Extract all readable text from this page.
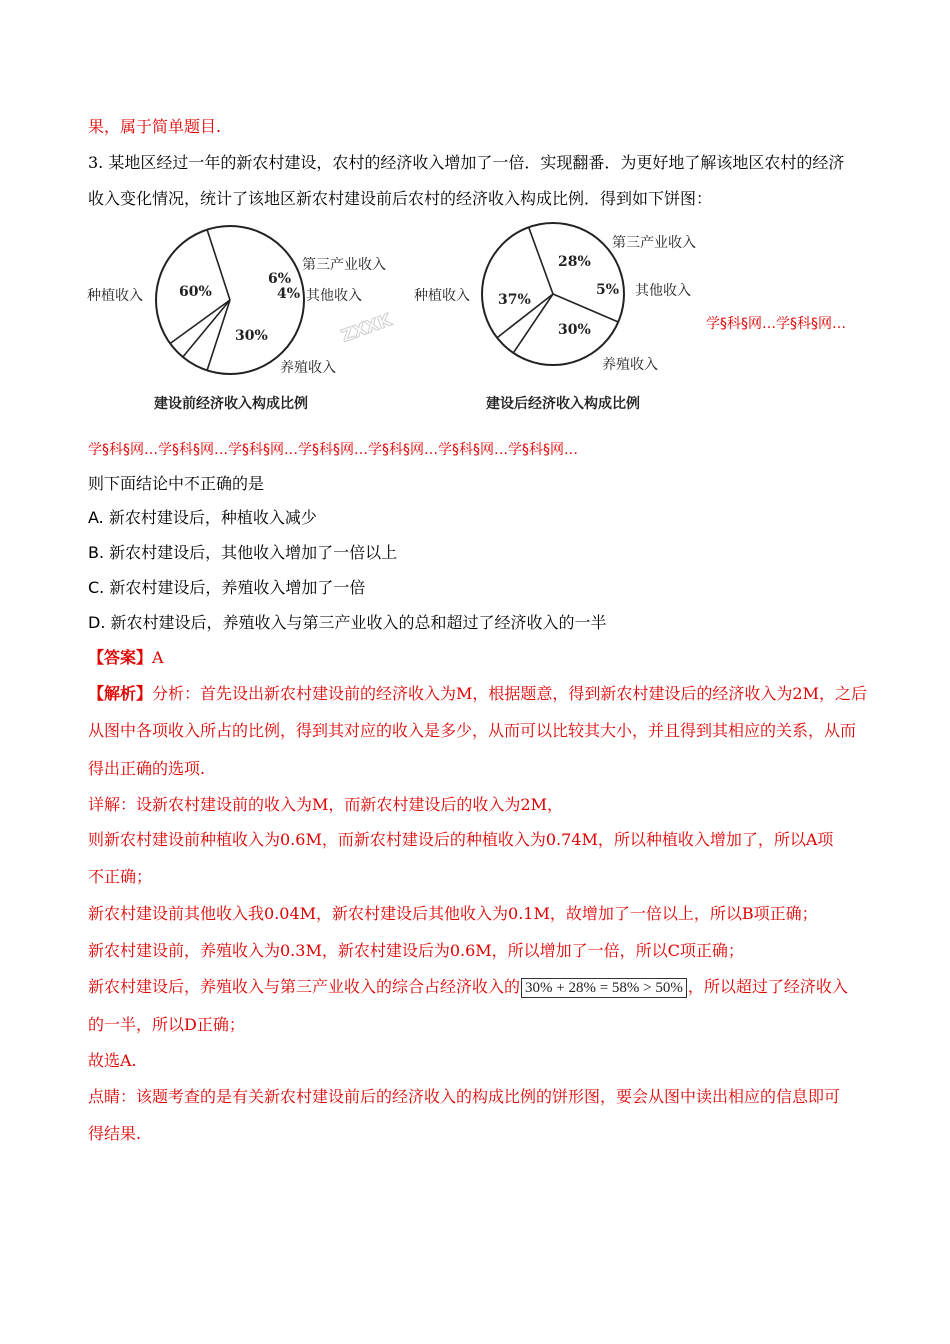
果，属于简单题目.
3. 某地区经过一年的新农村建设，农村的经济收入增加了一倍．实现翻番．为更好地了解该地区农村的经济
收入变化情况，统计了该地区新农村建设前后农村的经济收入构成比例．得到如下饼图：
种植收入
养殖收入
其他收入
第三产业收入
60%
30%
4%
6%
种植收入
第三产业收入
其他收入
养殖收入
37%
28%
5%
30%
建设前经济收入构成比例	建设后经济收入构成比例
ZXXK	学§科§网…学§科§网…
学§科§网…学§科§网…学§科§网…学§科§网…学§科§网…学§科§网…学§科§网…
则下面结论中不正确的是
A. 新农村建设后，种植收入减少
B. 新农村建设后，其他收入增加了一倍以上
C. 新农村建设后，养殖收入增加了一倍
D. 新农村建设后，养殖收入与第三产业收入的总和超过了经济收入的一半
【答案】A
【解析】分析：首先设出新农村建设前的经济收入为M，根据题意，得到新农村建设后的经济收入为2M，之后
从图中各项收入所占的比例，得到其对应的收入是多少，从而可以比较其大小，并且得到其相应的关系，从而
得出正确的选项.
详解：设新农村建设前的收入为M，而新农村建设后的收入为2M，
则新农村建设前种植收入为0.6M，而新农村建设后的种植收入为0.74M，所以种植收入增加了，所以A项
不正确；
新农村建设前其他收入我0.04M，新农村建设后其他收入为0.1M，故增加了一倍以上，所以B项正确；
新农村建设前，养殖收入为0.3M，新农村建设后为0.6M，所以增加了一倍，所以C项正确；
新农村建设后，养殖收入与第三产业收入的综合占经济收入的 30% + 28% = 58% > 50% ，所以超过了经济收入
的一半，所以D正确；
故选A.
点睛：该题考查的是有关新农村建设前后的经济收入的构成比例的饼形图，要会从图中读出相应的信息即可
得结果.
